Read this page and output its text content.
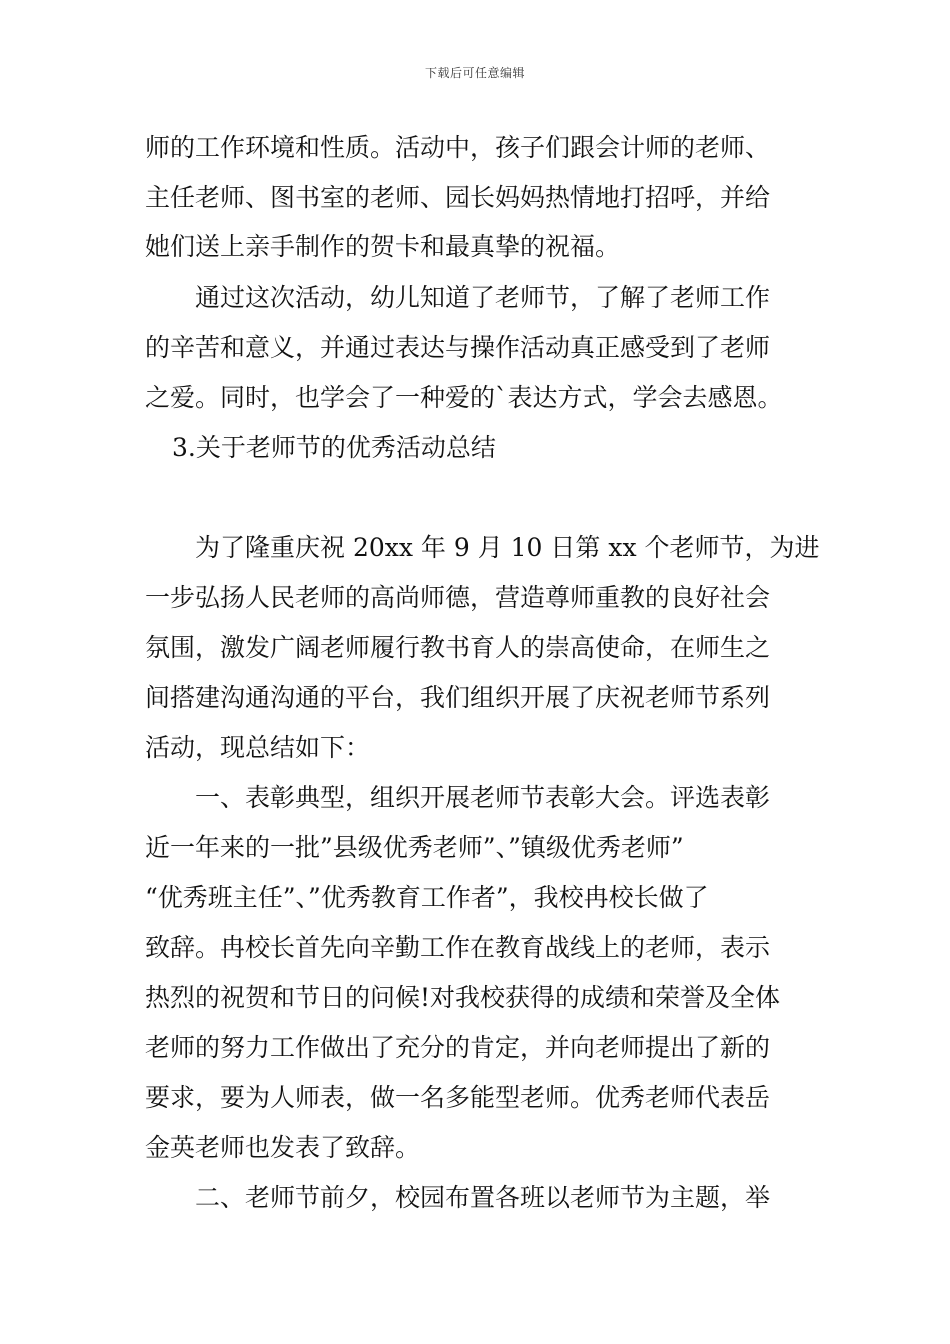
下载后可任意编辑
师的工作环境和性质。活动中，孩子们跟会计师的老师、
主任老师、图书室的老师、园长妈妈热情地打招呼，并给
她们送上亲手制作的贺卡和最真挚的祝福。
　　通过这次活动，幼儿知道了老师节，了解了老师工作
的辛苦和意义，并通过表达与操作活动真正感受到了老师
之爱。同时，也学会了一种爱的`表达方式，学会去感恩。
3.关于老师节的优秀活动总结
　　为了隆重庆祝 20xx 年 9 月 10 日第 xx 个老师节，为进
一步弘扬人民老师的高尚师德，营造尊师重教的良好社会
氛围，激发广阔老师履行教书育人的崇高使命，在师生之
间搭建沟通沟通的平台，我们组织开展了庆祝老师节系列
活动，现总结如下：
　　一、表彰典型，组织开展老师节表彰大会。评选表彰
近一年来的一批”县级优秀老师”、”镇级优秀老师”
“优秀班主任”、”优秀教育工作者”，我校冉校长做了
致辞。冉校长首先向辛勤工作在教育战线上的老师，表示
热烈的祝贺和节日的问候!对我校获得的成绩和荣誉及全体
老师的努力工作做出了充分的肯定，并向老师提出了新的
要求，要为人师表，做一名多能型老师。优秀老师代表岳
金英老师也发表了致辞。
　　二、老师节前夕，校园布置各班以老师节为主题，举
